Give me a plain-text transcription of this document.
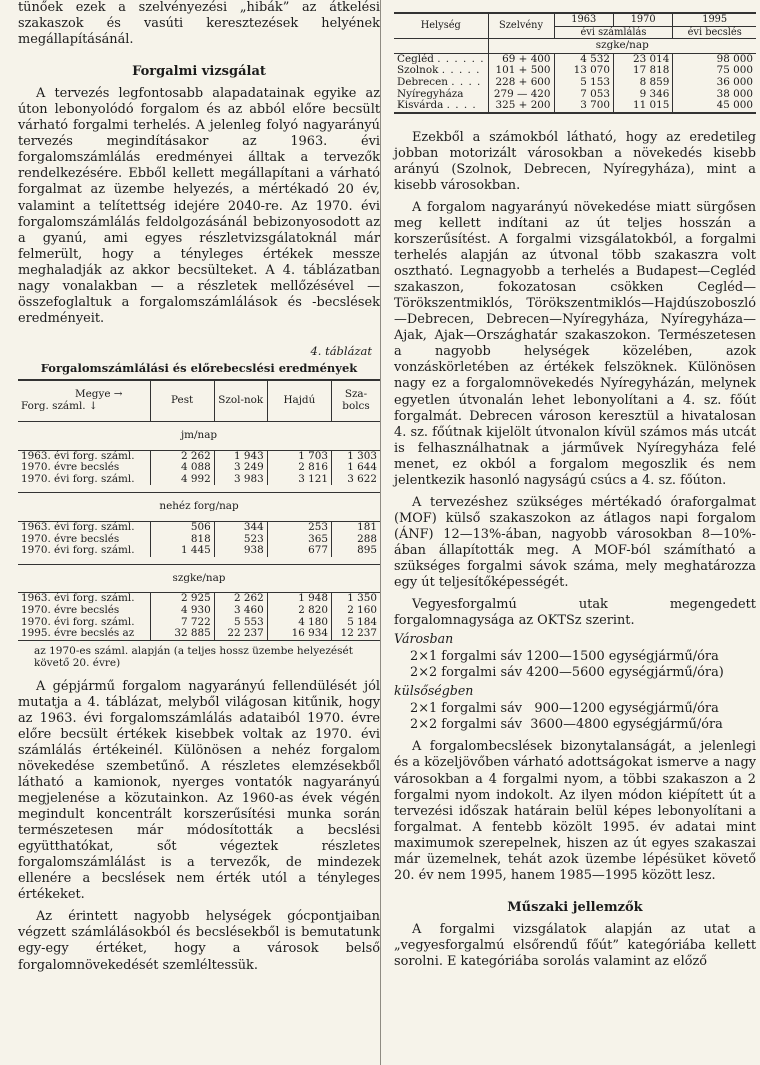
tünőek ezek a szelvényezési „hibák” az átkelési szakaszok és vasúti keresztezések helyének megállapításánál.

Forgalmi vizsgálat

A tervezés legfontosabb alapadatainak egyike az úton lebonyolódó forgalom és az abból előre becsült várható forgalmi terhelés. A jelenleg folyó nagyarányú tervezés megindításakor az 1963. évi forgalomszámlálás eredményei álltak a tervezők rendelkezésére. Ebből kellett megállapítani a várható forgalmat az üzembe helyezés, a mértékadó 20 év, valamint a telítettség idejére 2040-re. Az 1970. évi forgalomszámlálás feldolgozásánál bebizonyosodott az a gyanú, ami egyes részletvizsgálatoknál már felmerült, hogy a tényleges értékek messze meghaladják az akkor becsülteket. A 4. táblázatban nagy vonalakban — a részletek mellőzésével — összefoglaltuk a forgalomszámlálások és -becslések eredményeit.

4. táblázat
Forgalomszámlálási és előrebecslési eredmények
Megye →
Forg. száml. ↓	Pest	Szol-nok	Hajdú	Sza-bolcs
jm/nap				
1963. évi forg. száml.	2 262	1 943	1 703	1 303
1970. évre becslés	4 088	3 249	2 816	1 644
1970. évi forg. száml.	4 992	3 983	3 121	3 622

nehéz forg/nap				
1963. évi forg. száml.	506	344	253	181
1970. évre becslés	818	523	365	288
1970. évi forg. száml.	1 445	938	677	895

szgke/nap				
1963. évi forg. száml.	2 925	2 262	1 948	1 350
1970. évre becslés	4 930	3 460	2 820	2 160
1970. évi forg. száml.	7 722	5 553	4 180	5 184
1995. évre becslés az	32 885	22 237	16 934	12 237
az 1970-es száml. alapján (a teljes hossz üzembe helyezését követő 20. évre)

A gépjármű forgalom nagyarányú fellendülését jól mutatja a 4. táblázat, melyből világosan kitűnik, hogy az 1963. évi forgalomszámlálás adataiból 1970. évre előre becsült értékek kisebbek voltak az 1970. évi számlálás értékeinél. Különösen a nehéz forgalom növekedése szembetűnő. A részletes elemzésekből látható a kamionok, nyerges vontatók nagyarányú megjelenése a közutainkon. Az 1960-as évek végén megindult koncentrált korszerűsítési munka során természetesen már módosították a becslési együtthatókat, sőt végeztek részletes forgalomszámlálást is a tervezők, de mindezek ellenére a becslések nem érték utól a tényleges értékeket.

Az érintett nagyobb helységek gócpontjaiban végzett számlálásokból és becslésekből is bemutatunk egy-egy értéket, hogy a városok belső forgalomnövekedését szemléltessük.

Helység	Szelvény	1963	1970	1995
		évi számlálás		évi becslés
	szgke/nap			
Cegléd . . . . . .	69 + 400	4 532	23 014	98 000
Szolnok . . . . .	101 + 500	13 070	17 818	75 000
Debrecen . . . .	228 + 600	5 153	8 859	36 000
Nyíregyháza	279 — 420	7 053	9 346	38 000
Kisvárda . . . .	325 + 200	3 700	11 015	45 000

Ezekből a számokból látható, hogy az eredetileg jobban motorizált városokban a növekedés kisebb arányú (Szolnok, Debrecen, Nyíregyháza), mint a kisebb városokban.

A forgalom nagyarányú növekedése miatt sürgősen meg kellett indítani az út teljes hosszán a korszerűsítést. A forgalmi vizsgálatokból, a forgalmi terhelés alapján az útvonal több szakaszra volt osztható. Legnagyobb a terhelés a Budapest—Cegléd szakaszon, fokozatosan csökken Cegléd—Törökszentmiklós, Törökszentmiklós—Hajdúszoboszló—Debrecen, Debrecen—Nyíregyháza, Nyíregyháza—Ajak, Ajak—Országhatár szakaszokon. Természetesen a nagyobb helységek közelében, azok vonzáskörletében az értékek felszöknek. Különösen nagy ez a forgalomnövekedés Nyíregyházán, melynek egyetlen útvonalán lehet lebonyolítani a 4. sz. főút forgalmát. Debrecen városon keresztül a hivatalosan 4. sz. főútnak kijelölt útvonalon kívül számos más utcát is felhasználhatnak a járművek Nyíregyháza felé menet, ez okból a forgalom megoszlik és nem jelentkezik hasonló nagyságú csúcs a 4. sz. főúton.

A tervezéshez szükséges mértékadó óraforgalmat (MOF) külső szakaszokon az átlagos napi forgalom (ÁNF) 12—13%-ában, nagyobb városokban 8—10%-ában állapították meg. A MOF-ból számítható a szükséges forgalmi sávok száma, mely meghatározza egy út teljesítőképességét.

Vegyesforgalmú utak megengedett forgalomnagysága az OKTSz szerint.

Városban
2×1 forgalmi sáv 1200—1500 egységjármű/óra
2×2 forgalmi sáv 4200—5600 egységjármű/óra)
külsőségben
2×1 forgalmi sáv   900—1200 egységjármű/óra
2×2 forgalmi sáv  3600—4800 egységjármű/óra

A forgalombecslések bizonytalanságát, a jelenlegi és a közeljövőben várható adottságokat ismerve a nagy városokban a 4 forgalmi nyom, a többi szakaszon a 2 forgalmi nyom indokolt. Az ilyen módon kiépített út a tervezési időszak határain belül képes lebonyolítani a forgalmat. A fentebb közölt 1995. év adatai mint maximumok szerepelnek, hiszen az út egyes szakaszai már üzemelnek, tehát azok üzembe lépésüket követő 20. év nem 1995, hanem 1985—1995 között lesz.

Műszaki jellemzők

A forgalmi vizsgálatok alapján az utat a „vegyesforgalmú elsőrendű főút” kategóriába kellett sorolni. E kategóriába sorolás valamint az előző
